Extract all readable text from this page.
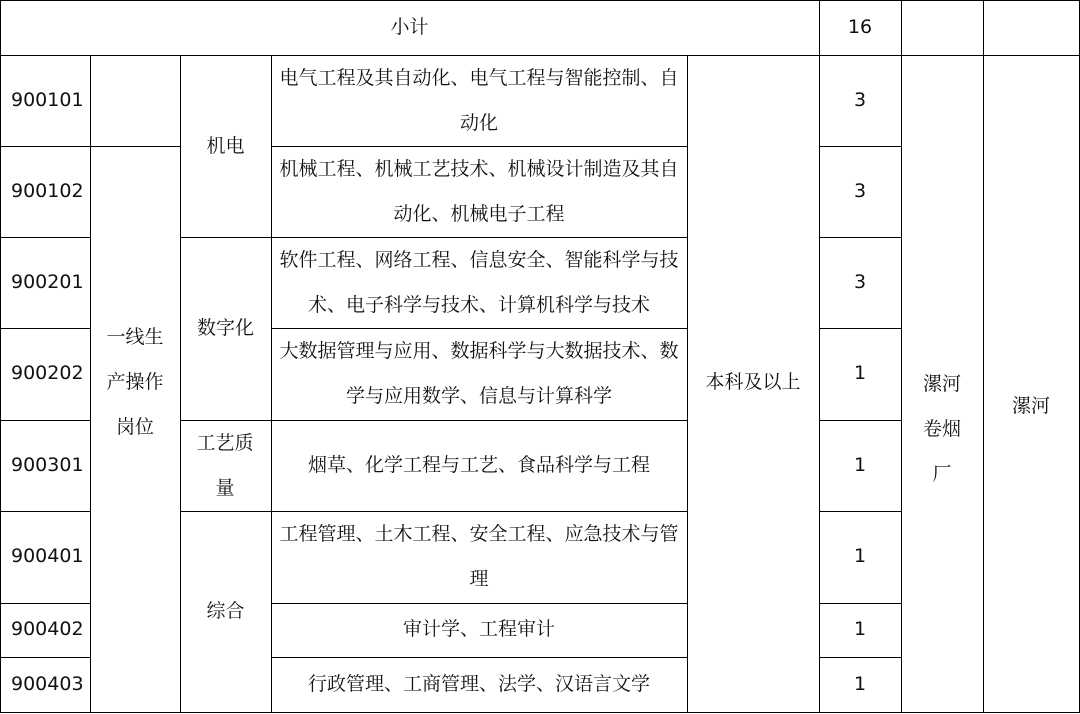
小计	16
900101
900102
900201
900202
900301
900401
900402
900403
一线生产操作岗位
机电
数字化
工艺质量
综合
电气工程及其自动化、电气工程与智能控制、自动化
机械工程、机械工艺技术、机械设计制造及其自动化、机械电子工程
软件工程、网络工程、信息安全、智能科学与技术、电子科学与技术、计算机科学与技术
大数据管理与应用、数据科学与大数据技术、数学与应用数学、信息与计算科学
烟草、化学工程与工艺、食品科学与工程
工程管理、土木工程、安全工程、应急技术与管理
审计学、工程审计
行政管理、工商管理、法学、汉语言文学
本科及以上
3
3
3
1
1
1
1
1
漯河卷烟厂
漯河
